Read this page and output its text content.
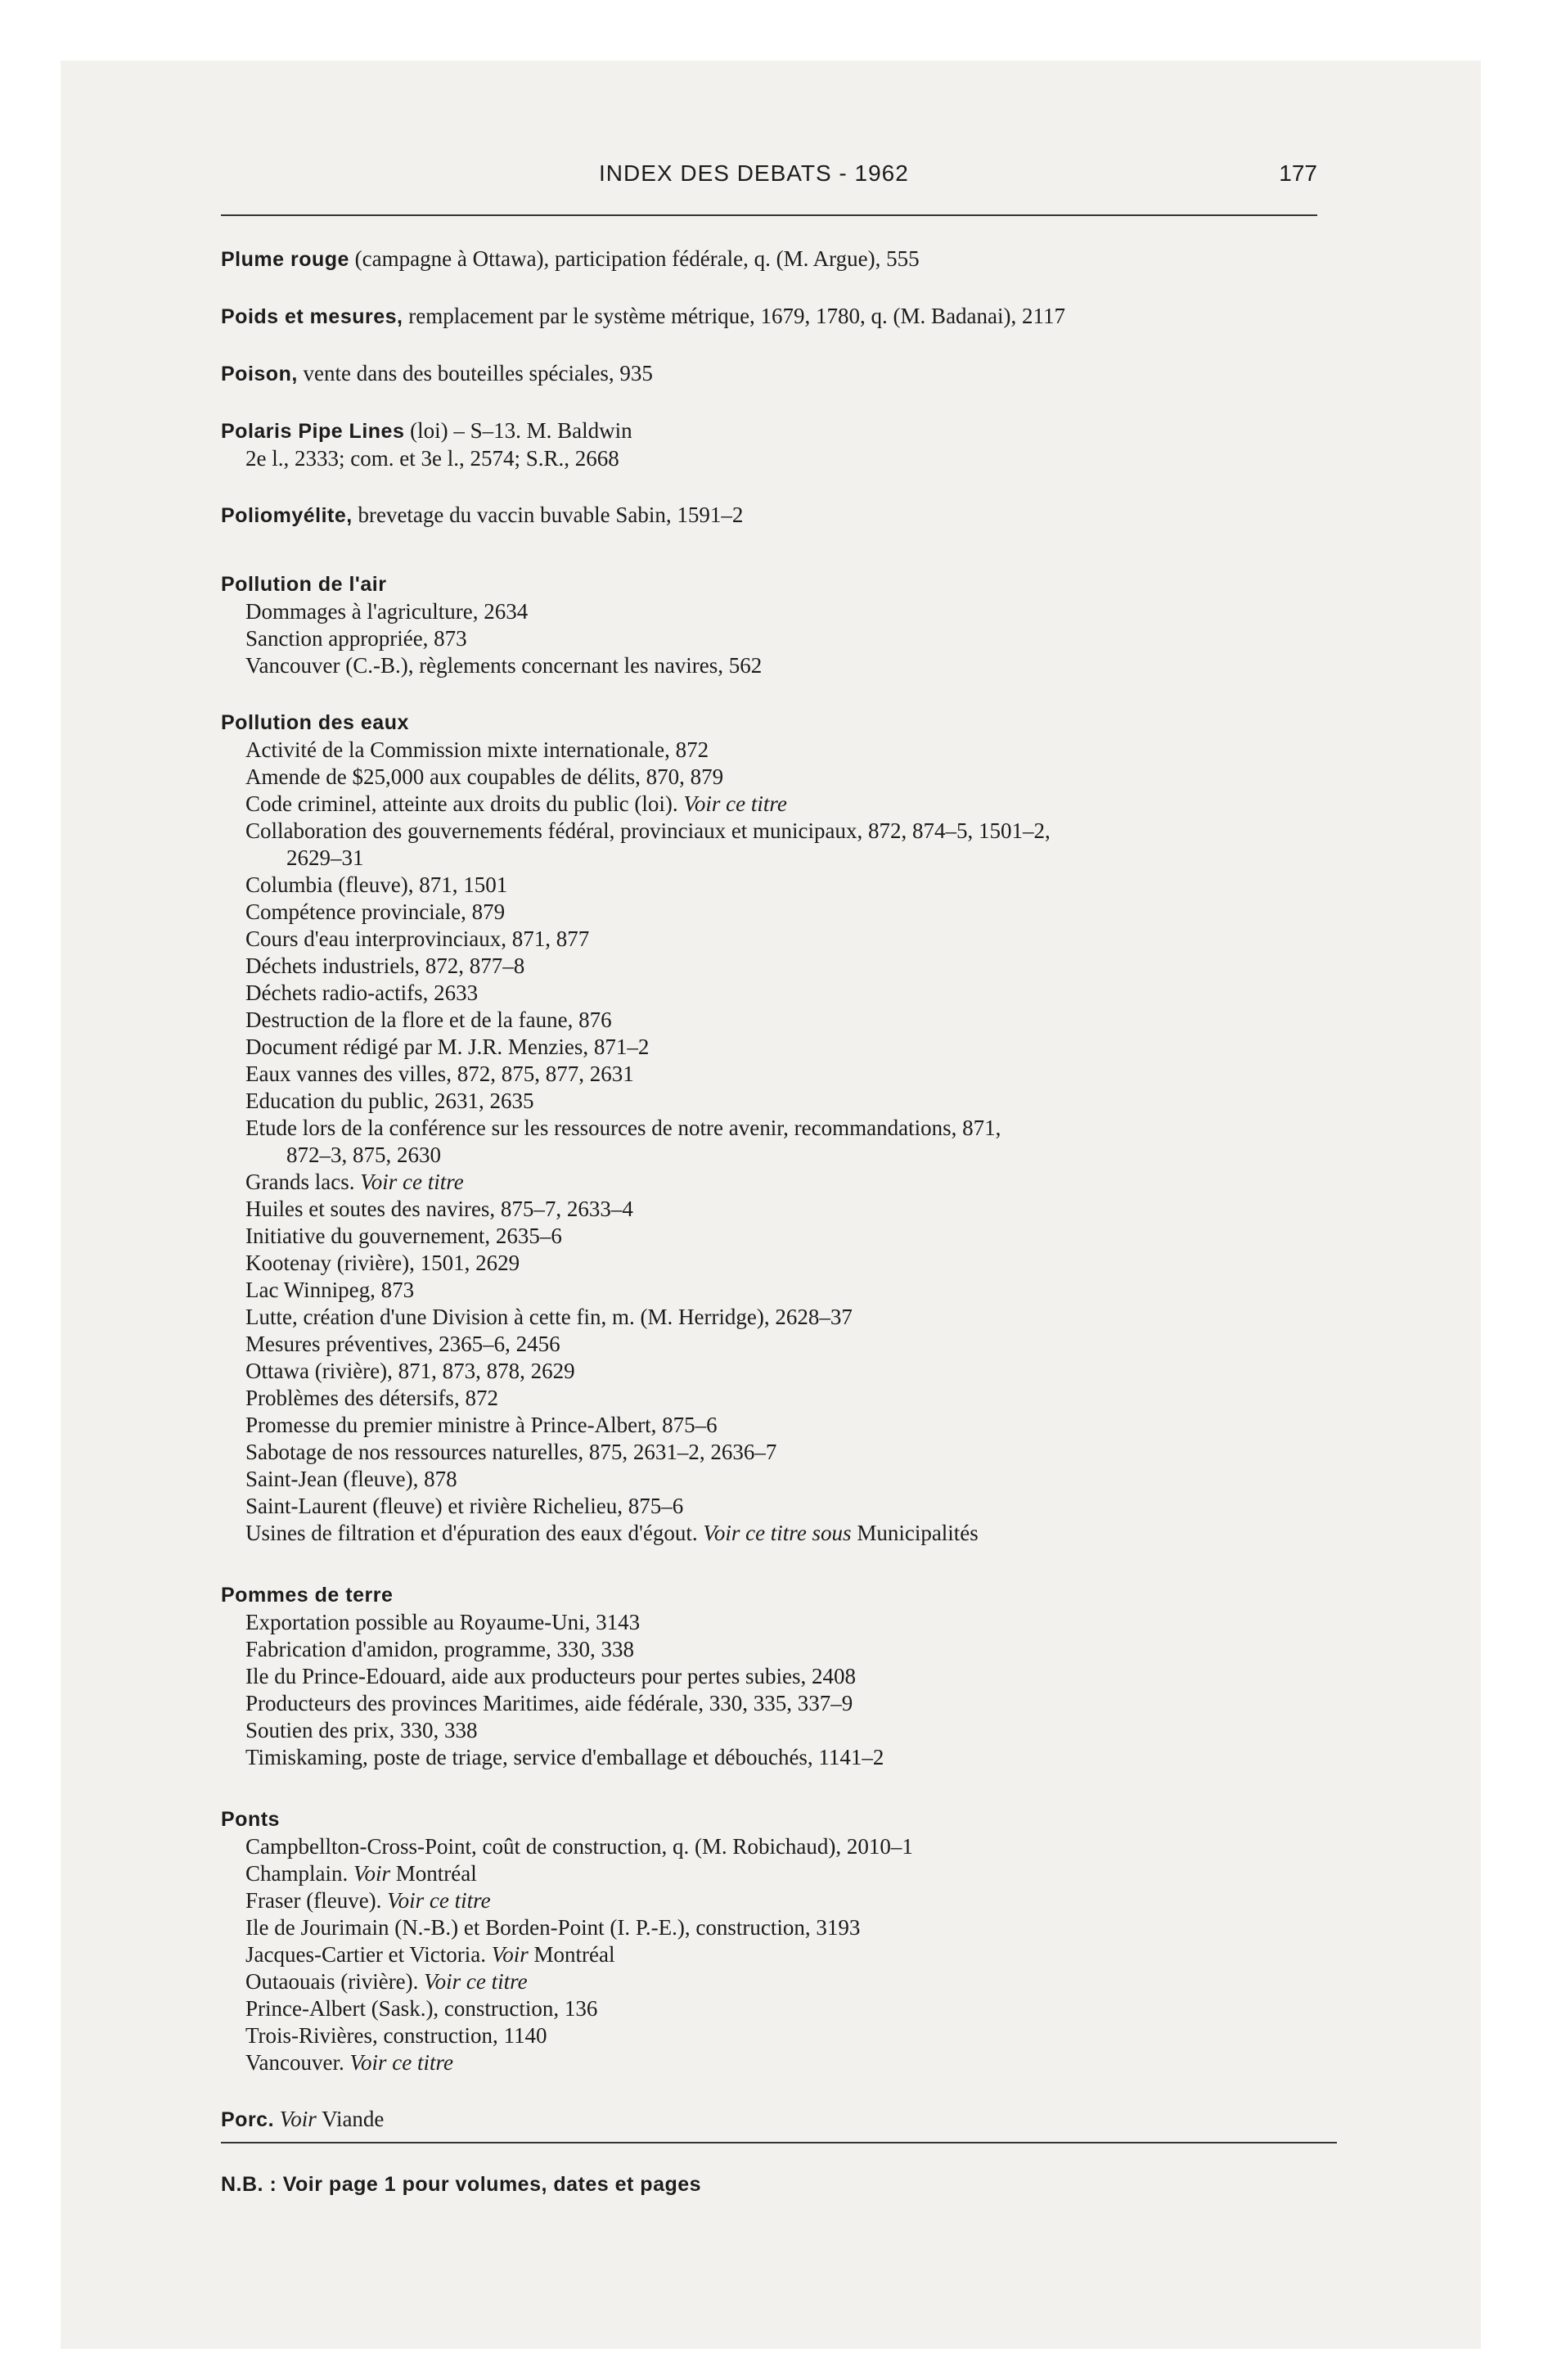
INDEX DES DEBATS - 1962	177

Plume rouge (campagne à Ottawa), participation fédérale, q. (M. Argue), 555

Poids et mesures, remplacement par le système métrique, 1679, 1780, q. (M. Badanai), 2117

Poison, vente dans des bouteilles spéciales, 935

Polaris Pipe Lines (loi) – S–13. M. Baldwin

2e l., 2333; com. et 3e l., 2574; S.R., 2668

Poliomyélite, brevetage du vaccin buvable Sabin, 1591–2

Pollution de l'air

Dommages à l'agriculture, 2634

Sanction appropriée, 873

Vancouver (C.-B.), règlements concernant les navires, 562

Pollution des eaux

Activité de la Commission mixte internationale, 872

Amende de $25,000 aux coupables de délits, 870, 879

Code criminel, atteinte aux droits du public (loi). Voir ce titre

Collaboration des gouvernements fédéral, provinciaux et municipaux, 872, 874–5, 1501–2,

2629–31

Columbia (fleuve), 871, 1501

Compétence provinciale, 879

Cours d'eau interprovinciaux, 871, 877

Déchets industriels, 872, 877–8

Déchets radio-actifs, 2633

Destruction de la flore et de la faune, 876

Document rédigé par M. J.R. Menzies, 871–2

Eaux vannes des villes, 872, 875, 877, 2631

Education du public, 2631, 2635

Etude lors de la conférence sur les ressources de notre avenir, recommandations, 871,

872–3, 875, 2630

Grands lacs. Voir ce titre

Huiles et soutes des navires, 875–7, 2633–4

Initiative du gouvernement, 2635–6

Kootenay (rivière), 1501, 2629

Lac Winnipeg, 873

Lutte, création d'une Division à cette fin, m. (M. Herridge), 2628–37

Mesures préventives, 2365–6, 2456

Ottawa (rivière), 871, 873, 878, 2629

Problèmes des détersifs, 872

Promesse du premier ministre à Prince-Albert, 875–6

Sabotage de nos ressources naturelles, 875, 2631–2, 2636–7

Saint-Jean (fleuve), 878

Saint-Laurent (fleuve) et rivière Richelieu, 875–6

Usines de filtration et d'épuration des eaux d'égout. Voir ce titre sous Municipalités

Pommes de terre

Exportation possible au Royaume-Uni, 3143

Fabrication d'amidon, programme, 330, 338

Ile du Prince-Edouard, aide aux producteurs pour pertes subies, 2408

Producteurs des provinces Maritimes, aide fédérale, 330, 335, 337–9

Soutien des prix, 330, 338

Timiskaming, poste de triage, service d'emballage et débouchés, 1141–2

Ponts

Campbellton-Cross-Point, coût de construction, q. (M. Robichaud), 2010–1

Champlain. Voir Montréal

Fraser (fleuve). Voir ce titre

Ile de Jourimain (N.-B.) et Borden-Point (I. P.-E.), construction, 3193

Jacques-Cartier et Victoria. Voir Montréal

Outaouais (rivière). Voir ce titre

Prince-Albert (Sask.), construction, 136

Trois-Rivières, construction, 1140

Vancouver. Voir ce titre

Porc. Voir Viande

N.B. : Voir page 1 pour volumes, dates et pages
